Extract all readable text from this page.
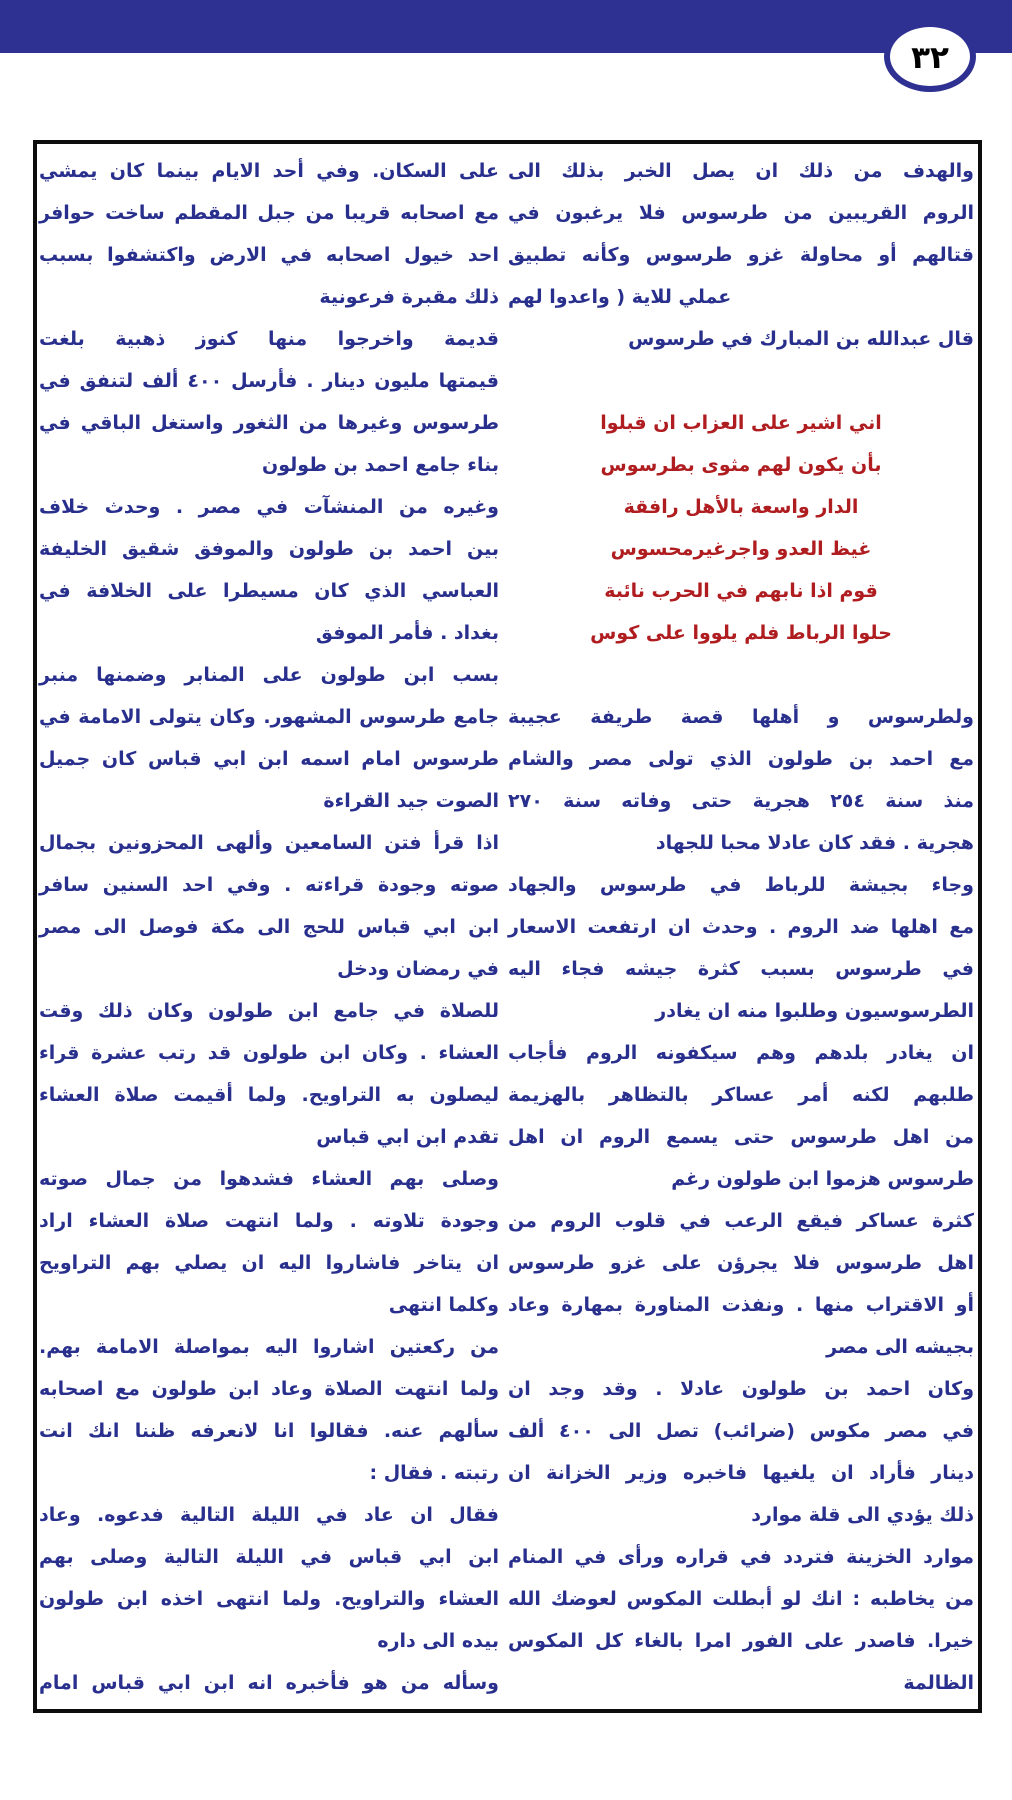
٣٢
والهدف من ذلك ان يصل الخبر بذلك الى
الروم القريبين من طرسوس فلا يرغبون في
قتالهم أو محاولة غزو طرسوس وكأنه تطبيق
عملي للاية ( واعدوا لهم
قال عبدالله بن المبارك في طرسوس
اني اشير على العزاب ان قبلوا
بأن يكون لهم مثوى بطرسوس
الدار واسعة بالأهل رافقة
غيظ العدو واجرغيرمحسوس
قوم اذا نابهم في الحرب نائبة
حلوا الرباط فلم يلووا على كوس
ولطرسوس و أهلها قصة طريفة عجيبة
مع احمد بن طولون الذي تولى مصر والشام
منذ سنة ٢٥٤ هجرية حتى وفاته سنة ٢٧٠
هجرية . فقد كان عادلا محبا للجهاد
وجاء بجيشة للرباط في طرسوس والجهاد
مع اهلها ضد الروم . وحدث ان ارتفعت الاسعار
في طرسوس بسبب كثرة جيشه فجاء اليه
الطرسوسيون وطلبوا منه ان يغادر
ان يغادر بلدهم وهم سيكفونه الروم فأجاب
طلبهم لكنه أمر عساكر بالتظاهر بالهزيمة
من اهل طرسوس حتى يسمع الروم ان اهل
طرسوس هزموا ابن طولون رغم
كثرة عساكر فيقع الرعب في قلوب الروم من
اهل طرسوس فلا يجرؤن على غزو طرسوس
أو الاقتراب منها . ونفذت المناورة بمهارة وعاد
بجيشه الى مصر
وكان احمد بن طولون عادلا . وقد وجد ان
في مصر مكوس (ضرائب) تصل الى ٤٠٠ ألف
دينار فأراد ان يلغيها فاخبره وزير الخزانة ان
ذلك يؤدي الى قلة موارد
موارد الخزينة فتردد في قراره ورأى في المنام
من يخاطبه : انك لو أبطلت المكوس لعوضك الله
خيرا. فاصدر على الفور امرا بالغاء كل المكوس
الظالمة
على السكان. وفي أحد الايام بينما كان يمشي
مع اصحابه قريبا من جبل المقطم ساخت حوافر
احد خيول اصحابه في الارض واكتشفوا بسبب
ذلك مقبرة فرعونية
قديمة واخرجوا منها كنوز ذهبية بلغت
قيمتها مليون دينار . فأرسل ٤٠٠ ألف لتنفق في
طرسوس وغيرها من الثغور واستغل الباقي في
بناء جامع احمد بن طولون
وغيره من المنشآت في مصر . وحدث خلاف
بين احمد بن طولون والموفق شقيق الخليفة
العباسي الذي كان مسيطرا على الخلافة في
بغداد . فأمر الموفق
بسب ابن طولون على المنابر وضمنها منبر
جامع طرسوس المشهور. وكان يتولى الامامة في
طرسوس امام اسمه ابن ابي قباس كان جميل
الصوت جيد القراءة
اذا قرأ فتن السامعين وألهى المحزونين بجمال
صوته وجودة قراءته . وفي احد السنين سافر
ابن ابي قباس للحج الى مكة فوصل الى مصر
في رمضان ودخل
للصلاة في جامع ابن طولون وكان ذلك وقت
العشاء . وكان ابن طولون قد رتب عشرة قراء
ليصلون به التراويح. ولما أقيمت صلاة العشاء
تقدم ابن ابي قباس
وصلى بهم العشاء فشدهوا من جمال صوته
وجودة تلاوته . ولما انتهت صلاة العشاء اراد
ان يتاخر فاشاروا اليه ان يصلي بهم التراويح
وكلما انتهى
من ركعتين اشاروا اليه بمواصلة الامامة بهم.
ولما انتهت الصلاة وعاد ابن طولون مع اصحابه
سألهم عنه. فقالوا انا لانعرفه ظننا انك انت
رتبته . فقال :
فقال ان عاد في الليلة التالية فدعوه. وعاد
ابن ابي قباس في الليلة التالية وصلى بهم
العشاء والتراويح. ولما انتهى اخذه ابن طولون
بيده الى داره
وسأله من هو فأخبره انه ابن ابي قباس امام
